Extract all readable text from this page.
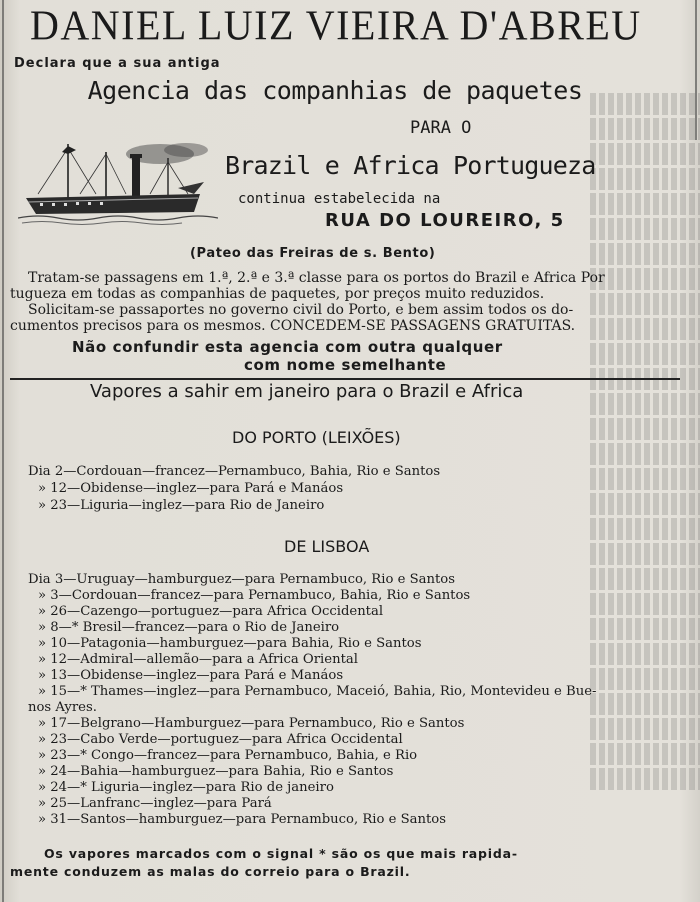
DANIEL LUIZ VIEIRA D'ABREU
Declara que a sua antiga
Agencia das companhias de paquetes
PARA O
Brazil e Africa Portugueza
continua estabelecida na
RUA DO LOUREIRO, 5
(Pateo das Freiras de s. Bento)
Tratam-se passagens em 1.ª, 2.ª e 3.ª classe para os portos do Brazil e Africa Por
tugueza em todas as companhias de paquetes, por preços muito reduzidos.
Solicitam-se passaportes no governo civil do Porto, e bem assim todos os do-
cumentos precisos para os mesmos. CONCEDEM-SE PASSAGENS GRATUITAS.
Não confundir esta agencia com outra qualquer
com nome semelhante
Vapores a sahir em janeiro para o Brazil e Africa
DO PORTO (LEIXÕES)
Dia 2—Cordouan—francez—Pernambuco, Bahia, Rio e Santos
» 12—Obidense—inglez—para Pará e Manáos
» 23—Liguria—inglez—para Rio de Janeiro
DE LISBOA
Dia 3—Uruguay—hamburguez—para Pernambuco, Rio e Santos
» 3—Cordouan—francez—para Pernambuco, Bahia, Rio e Santos
» 26—Cazengo—portuguez—para Africa Occidental
» 8—* Bresil—francez—para o Rio de Janeiro
» 10—Patagonia—hamburguez—para Bahia, Rio e Santos
» 12—Admiral—allemão—para a Africa Oriental
» 13—Obidense—inglez—para Pará e Manáos
» 15—* Thames—inglez—para Pernambuco, Maceió, Bahia, Rio, Montevideu e Bue-
nos Ayres.
» 17—Belgrano—Hamburguez—para Pernambuco, Rio e Santos
» 23—Cabo Verde—portuguez—para Africa Occidental
» 23—* Congo—francez—para Pernambuco, Bahia, e Rio
» 24—Bahia—hamburguez—para Bahia, Rio e Santos
» 24—* Liguria—inglez—para Rio de janeiro
» 25—Lanfranc—inglez—para Pará
» 31—Santos—hamburguez—para Pernambuco, Rio e Santos
Os vapores marcados com o signal * são os que mais rapida-
mente conduzem as malas do correio para o Brazil.
